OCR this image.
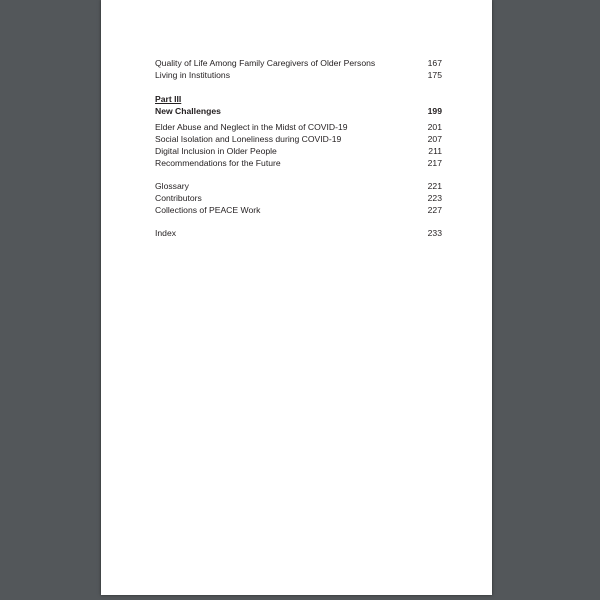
Quality of Life Among Family Caregivers of Older Persons	167
Living in Institutions	175
Part III
New Challenges	199
Elder Abuse and Neglect in the Midst of COVID-19	201
Social Isolation and Loneliness during COVID-19	207
Digital Inclusion in Older People	211
Recommendations for the Future	217
Glossary	221
Contributors	223
Collections of PEACE Work	227
Index	233
